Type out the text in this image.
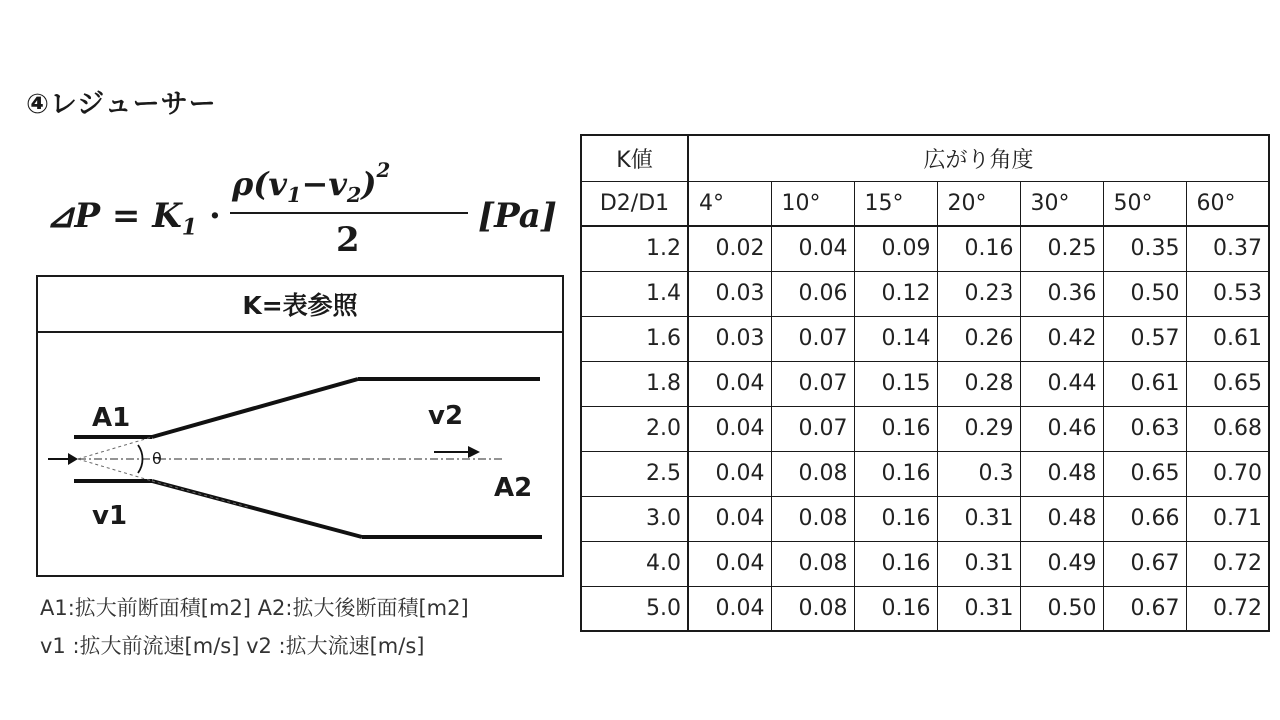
④レジューサー
⊿P = $K_1$ ·
$\rho(v_1-v_2)^2$
2
[Pa]
K=表参照
A1
v1
v2
A2
θ
A1:拡大前断面積[m2] A2:拡大後断面積[m2]
v1 :拡大前流速[m/s] v2 :拡大流速[m/s]
K値	広がり角度						
D2/D1	4°	10°	15°	20°	30°	50°	60°
1.2	0.02	0.04	0.09	0.16	0.25	0.35	0.37
1.4	0.03	0.06	0.12	0.23	0.36	0.50	0.53
1.6	0.03	0.07	0.14	0.26	0.42	0.57	0.61
1.8	0.04	0.07	0.15	0.28	0.44	0.61	0.65
2.0	0.04	0.07	0.16	0.29	0.46	0.63	0.68
2.5	0.04	0.08	0.16	0.3	0.48	0.65	0.70
3.0	0.04	0.08	0.16	0.31	0.48	0.66	0.71
4.0	0.04	0.08	0.16	0.31	0.49	0.67	0.72
5.0	0.04	0.08	0.16	0.31	0.50	0.67	0.72
